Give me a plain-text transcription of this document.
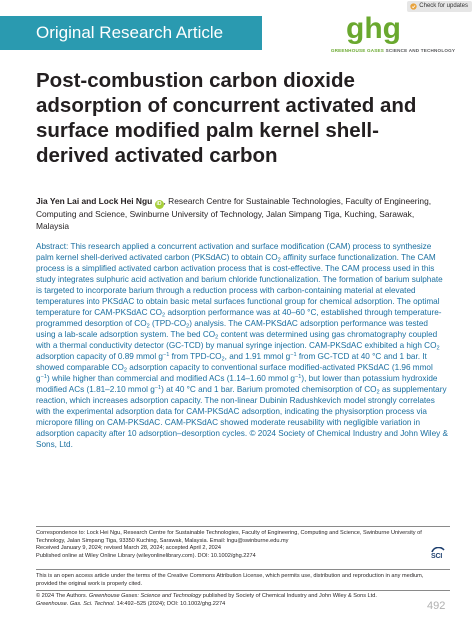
Original Research Article
Check for updates
ghg
GREENHOUSE GASES SCIENCE AND TECHNOLOGY
Post-combustion carbon dioxide adsorption of concurrent activated and surface modified palm kernel shell-derived activated carbon
Jia Yen Lai and Lock Hei Ngu iD , Research Centre for Sustainable Technologies, Faculty of Engineering, Computing and Science, Swinburne University of Technology, Jalan Simpang Tiga, Kuching, Sarawak, Malaysia
Abstract: This research applied a concurrent activation and surface modification (CAM) process to synthesize palm kernel shell-derived activated carbon (PKSdAC) to obtain $CO_2$ affinity surface functionalization. The CAM process is a simplified activated carbon activation process that is cost-effective. The CAM process used in this study integrates sulphuric acid activation and barium chloride functionalization. The formation of barium sulphate is targeted to incorporate barium through a reduction process with carbon-containing material at elevated temperatures into PKSdAC to obtain basic metal surfaces functional group for chemical adsorption. The optimal temperature for CAM-PKSdAC $CO_2$ adsorption performance was at 40–60 °C, established through temperature-programmed desorption of $CO_2$ $(TPD-CO_2)$ analysis. The CAM-PKSdAC adsorption performance was tested using a lab-scale adsorption system. The bed $CO_2$ content was determined using gas chromatography coupled with a thermal conductivity detector (GC-TCD) by manual syringe injection. CAM-PKSdAC exhibited a high $CO_2$ adsorption capacity of 0.89 mmol $g^{-1}$ from TPD-$CO_2$, and 1.91 mmol $g^{-1}$ from GC-TCD at 40 °C and 1 bar. It showed comparable $CO_2$ adsorption capacity to conventional surface modified-activated PKSdAC (1.96 mmol $g^{-1}$) while higher than commercial and modified ACs (1.14–1.60 mmol $g^{-1}$), but lower than potassium hydroxide modified ACs (1.81–2.10 mmol $g^{-1}$) at 40 °C and 1 bar. Barium promoted chemisorption of $CO_2$ as supplementary reaction, which increases adsorption capacity. The non-linear Dubinin Radushkevich model strongly correlates with the experimental adsorption data for CAM-PKSdAC adsorption, indicating the physisorption process via micropore filling on CAM-PKSdAC. CAM-PKSdAC showed moderate reusability with negligible variation in adsorption capacity after 10 adsorption–desorption cycles. © 2024 Society of Chemical Industry and John Wiley & Sons, Ltd.
Correspondence to: Lock Hei Ngu, Research Centre for Sustainable Technologies, Faculty of Engineering, Computing and Science, Swinburne University of Technology, Jalan Simpang Tiga, 93350 Kuching, Sarawak, Malaysia. Email: lngu@swinburne.edu.my
Received January 9, 2024; revised March 28, 2024; accepted April 2, 2024
Published online at Wiley Online Library (wileyonlinelibrary.com). DOI: 10.1002/ghg.2274	SCI
This is an open access article under the terms of the Creative Commons Attribution License, which permits use, distribution and reproduction in any medium, provided the original work is properly cited.
© 2024 The Authors. Greenhouse Gases: Science and Technology published by Society of Chemical Industry and John Wiley & Sons Ltd.
Greenhouse. Gas. Sci. Technol. 14:492–525 (2024); DOI: 10.1002/ghg.2274	492
